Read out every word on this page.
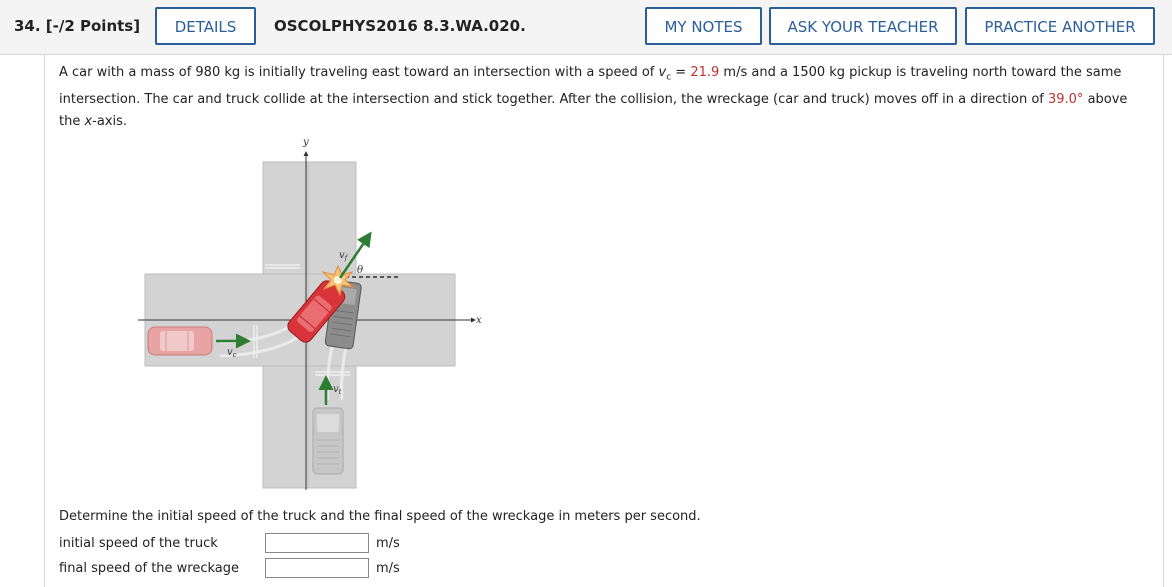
34. [-/2 Points]	DETAILS	OSCOLPHYS2016 8.3.WA.020.	MY NOTES	ASK YOUR TEACHER	PRACTICE ANOTHER
A car with a mass of 980 kg is initially traveling east toward an intersection with a speed of $v_c = 21.9$ m/s and a 1500 kg pickup is traveling north toward the same
intersection. The car and truck collide at the intersection and stick together. After the collision, the wreckage (car and truck) moves off in a direction of 39.0° above
the x-axis.
y
x
$v_c$
$v_t$
$v_f$
θ
Determine the initial speed of the truck and the final speed of the wreckage in meters per second.
initial speed of the truck	m/s
final speed of the wreckage	m/s
